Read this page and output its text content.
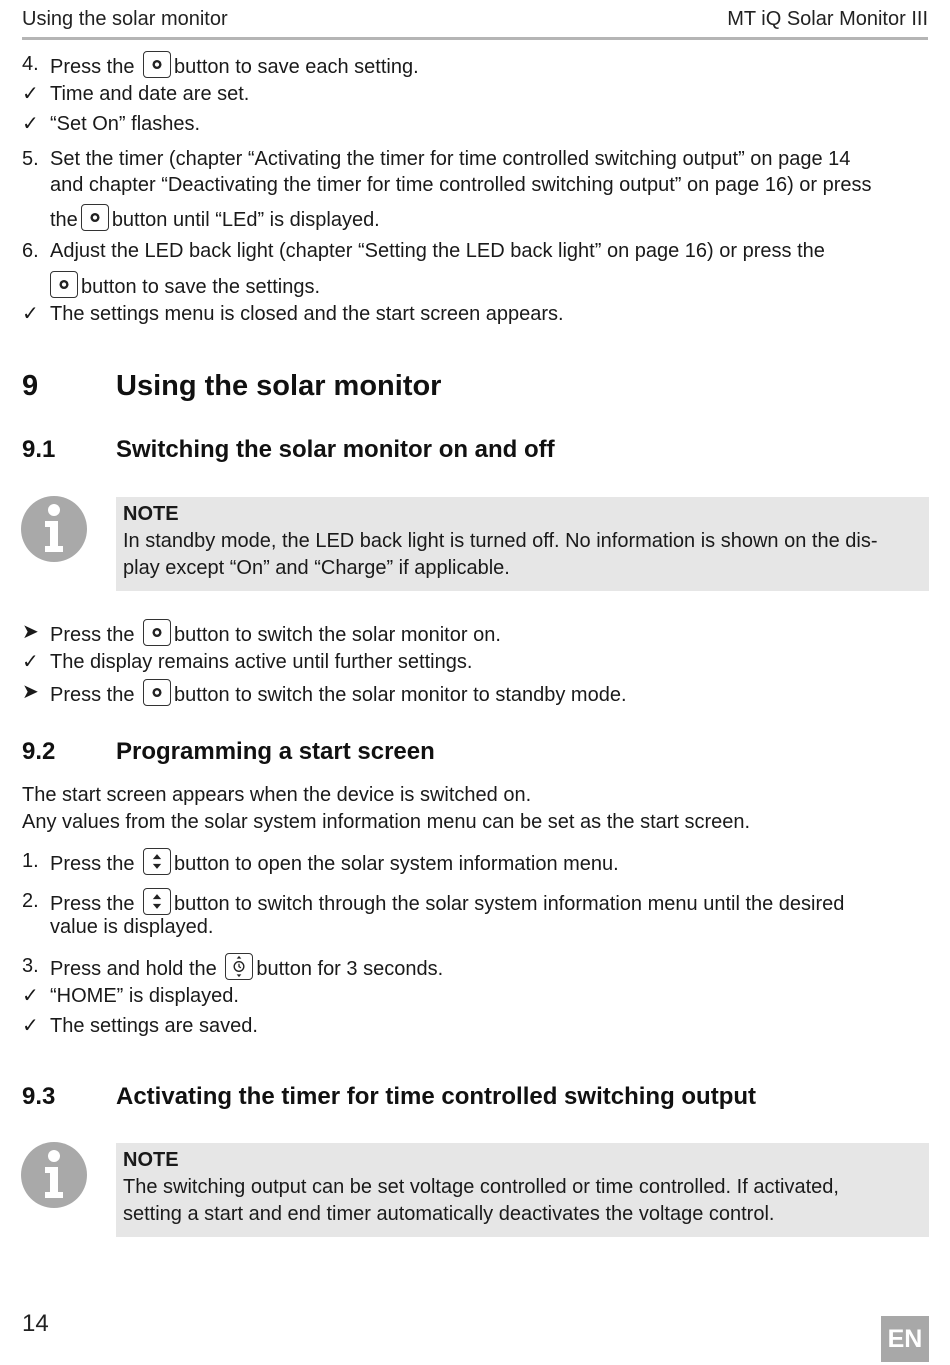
Using the solar monitor	MT iQ Solar Monitor III
4. Press the button to save each setting.
✓ Time and date are set.
✓ “Set On” flashes.
5. Set the timer (chapter “Activating the timer for time controlled switching output” on page 14
and chapter “Deactivating the timer for time controlled switching output” on page 16) or press
the button until “LEd” is displayed.
6. Adjust the LED back light (chapter “Setting the LED back light” on page 16) or press the
button to save the settings.
✓ The settings menu is closed and the start screen appears.
9	Using the solar monitor
9.1	Switching the solar monitor on and off
NOTE
In standby mode, the LED back light is turned off. No information is shown on the dis-
play except “On” and “Charge” if applicable.
➤ Press the button to switch the solar monitor on.
✓ The display remains active until further settings.
➤ Press the button to switch the solar monitor to standby mode.
9.2	Programming a start screen
The start screen appears when the device is switched on.
Any values from the solar system information menu can be set as the start screen.
1. Press the button to open the solar system information menu.
2. Press the button to switch through the solar system information menu until the desired
value is displayed.
3. Press and hold the button for 3 seconds.
✓ “HOME” is displayed.
✓ The settings are saved.
9.3	Activating the timer for time controlled switching output
NOTE
The switching output can be set voltage controlled or time controlled. If activated,
setting a start and end timer automatically deactivates the voltage control.
14
EN
